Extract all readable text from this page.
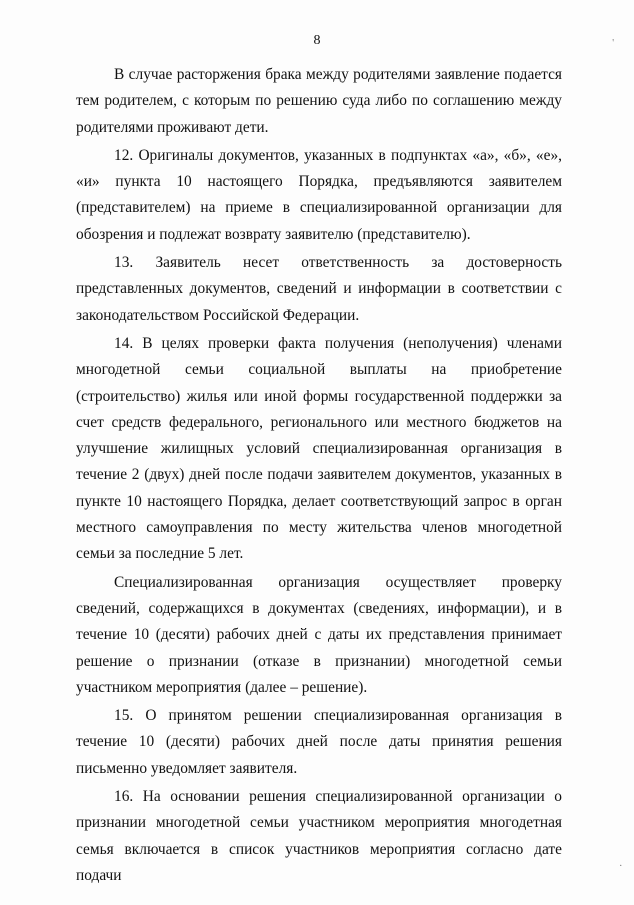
8

В случае расторжения брака между родителями заявление подается тем родителем, с которым по решению суда либо по соглашению между родителями проживают дети.

12. Оригиналы документов, указанных в подпунктах «а», «б», «е», «и» пункта 10 настоящего Порядка, предъявляются заявителем (представителем) на приеме в специализированной организации для обозрения и подлежат возврату заявителю (представителю).

13. Заявитель несет ответственность за достоверность представленных документов, сведений и информации в соответствии с законодательством Российской Федерации.

14. В целях проверки факта получения (неполучения) членами многодетной семьи социальной выплаты на приобретение (строительство) жилья или иной формы государственной поддержки за счет средств федерального, регионального или местного бюджетов на улучшение жилищных условий специализированная организация в течение 2 (двух) дней после подачи заявителем документов, указанных в пункте 10 настоящего Порядка, делает соответствующий запрос в орган местного самоуправления по месту жительства членов многодетной семьи за последние 5 лет.

Специализированная организация осуществляет проверку сведений, содержащихся в документах (сведениях, информации), и в течение 10 (десяти) рабочих дней с даты их представления принимает решение о признании (отказе в признании) многодетной семьи участником мероприятия (далее – решение).

15. О принятом решении специализированная организация в течение 10 (десяти) рабочих дней после даты принятия решения письменно уведомляет заявителя.

16. На основании решения специализированной организации о признании многодетной семьи участником мероприятия многодетная семья включается в список участников мероприятия согласно дате подачи

'
.
